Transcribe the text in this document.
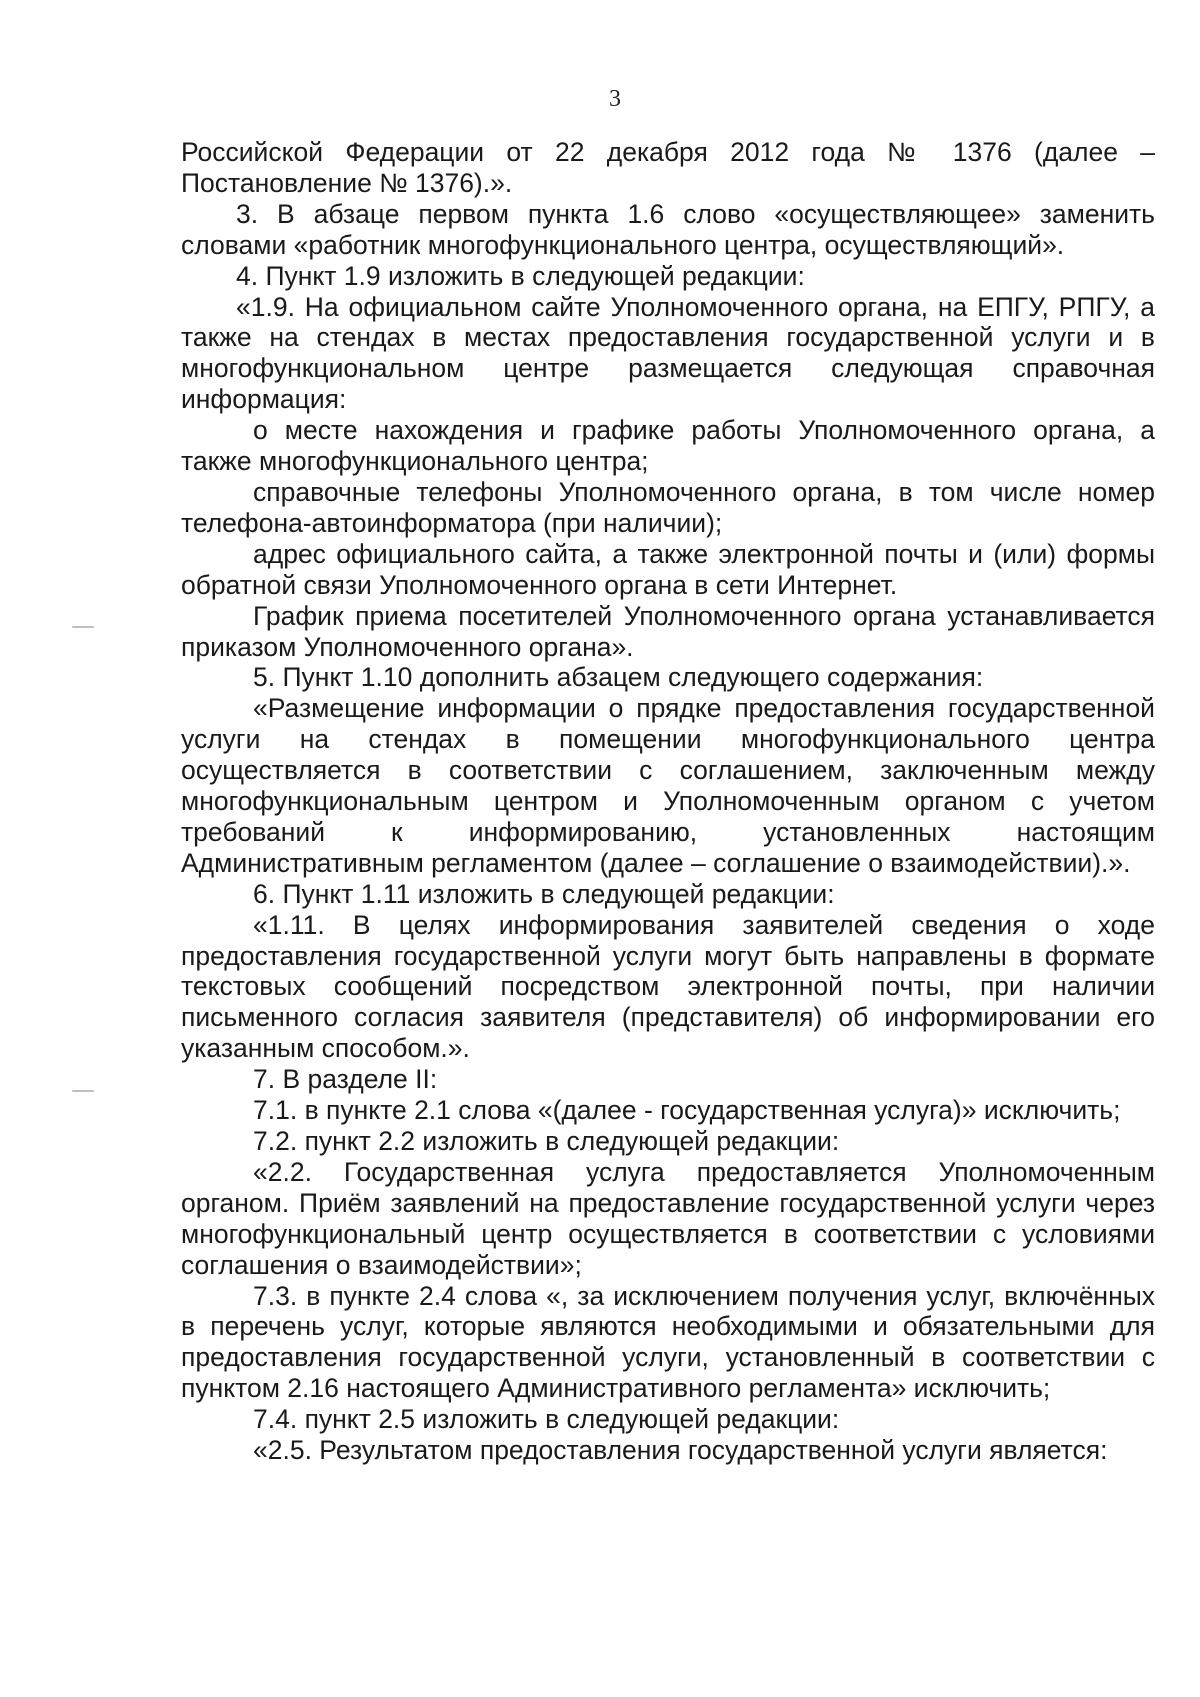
3

Российской Федерации от 22 декабря 2012 года № 1376 (далее – Постановление № 1376).».

3. В абзаце первом пункта 1.6 слово «осуществляющее» заменить словами «работник многофункционального центра, осуществляющий».

4. Пункт 1.9 изложить в следующей редакции:

«1.9. На официальном сайте Уполномоченного органа, на ЕПГУ, РПГУ, а также на стендах в местах предоставления государственной услуги и в многофункциональном центре размещается следующая справочная информация:

о месте нахождения и графике работы Уполномоченного органа, а также многофункционального центра;

справочные телефоны Уполномоченного органа, в том числе номер телефона-автоинформатора (при наличии);

адрес официального сайта, а также электронной почты и (или) формы обратной связи Уполномоченного органа в сети Интернет.

График приема посетителей Уполномоченного органа устанавливается приказом Уполномоченного органа».

5. Пункт 1.10 дополнить абзацем следующего содержания:

«Размещение информации о прядке предоставления государственной услуги на стендах в помещении многофункционального центра осуществляется в соответствии с соглашением, заключенным между многофункциональным центром и Уполномоченным органом с учетом требований к информированию, установленных настоящим Административным регламентом (далее – соглашение о взаимодействии).».

6. Пункт 1.11 изложить в следующей редакции:

«1.11. В целях информирования заявителей сведения о ходе предоставления государственной услуги могут быть направлены в формате текстовых сообщений посредством электронной почты, при наличии письменного согласия заявителя (представителя) об информировании его указанным способом.».

7. В разделе II:

7.1. в пункте 2.1 слова «(далее - государственная услуга)» исключить;

7.2. пункт 2.2 изложить в следующей редакции:

«2.2. Государственная услуга предоставляется Уполномоченным органом. Приём заявлений на предоставление государственной услуги через многофункциональный центр осуществляется в соответствии с условиями соглашения о взаимодействии»;

7.3. в пункте 2.4 слова «, за исключением получения услуг, включённых в перечень услуг, которые являются необходимыми и обязательными для предоставления государственной услуги, установленный в соответствии с пунктом 2.16 настоящего Административного регламента» исключить;

7.4. пункт 2.5 изложить в следующей редакции:

«2.5. Результатом предоставления государственной услуги является:
